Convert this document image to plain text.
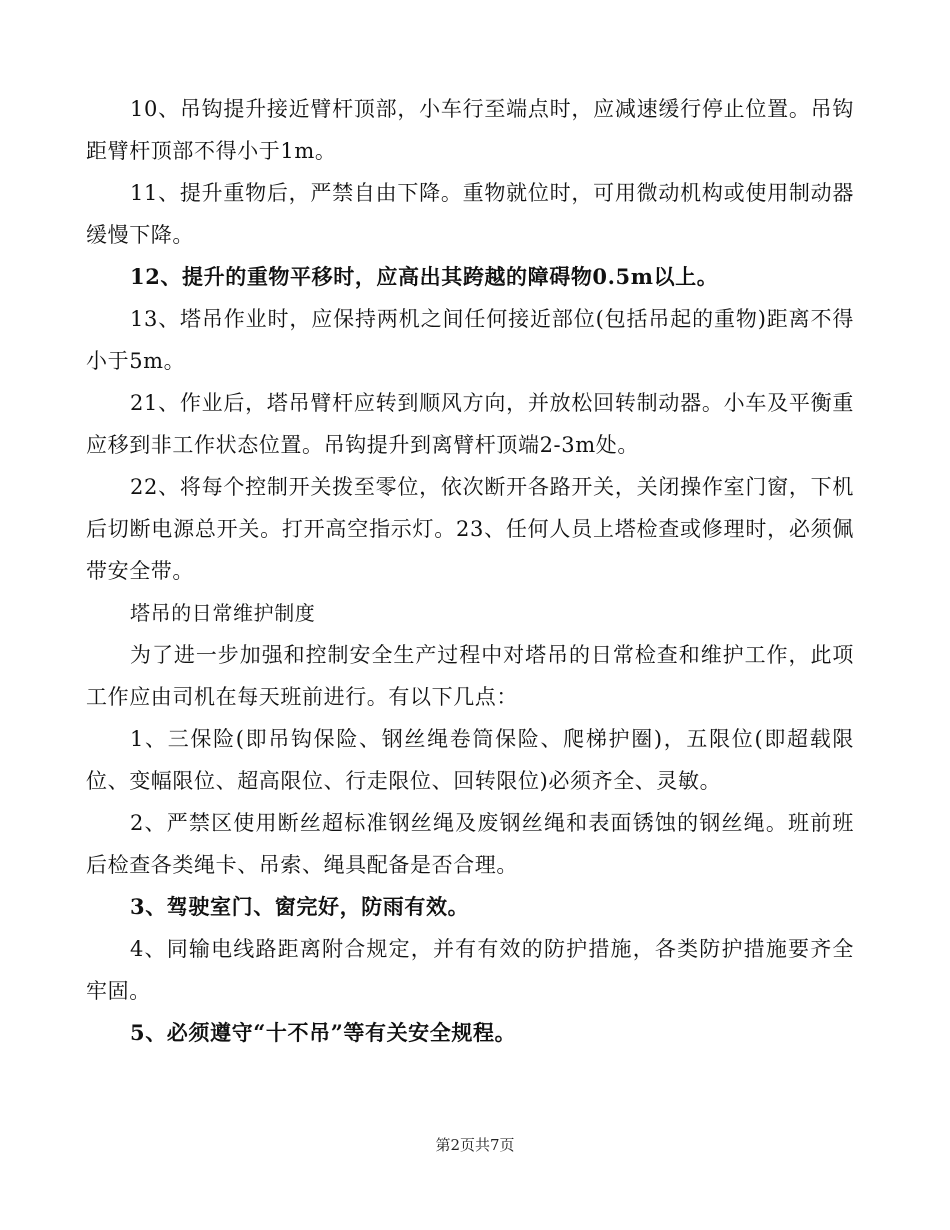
10、吊钩提升接近臂杆顶部，小车行至端点时，应减速缓行停止位置。吊钩距臂杆顶部不得小于1m。

11、提升重物后，严禁自由下降。重物就位时，可用微动机构或使用制动器缓慢下降。

12、提升的重物平移时，应高出其跨越的障碍物0.5m以上。

13、塔吊作业时，应保持两机之间任何接近部位(包括吊起的重物)距离不得小于5m。

21、作业后，塔吊臂杆应转到顺风方向，并放松回转制动器。小车及平衡重应移到非工作状态位置。吊钩提升到离臂杆顶端2-3m处。

22、将每个控制开关拨至零位，依次断开各路开关，关闭操作室门窗，下机后切断电源总开关。打开高空指示灯。23、任何人员上塔检查或修理时，必须佩带安全带。

塔吊的日常维护制度

为了进一步加强和控制安全生产过程中对塔吊的日常检查和维护工作，此项工作应由司机在每天班前进行。有以下几点：

1、三保险(即吊钩保险、钢丝绳卷筒保险、爬梯护圈)，五限位(即超载限位、变幅限位、超高限位、行走限位、回转限位)必须齐全、灵敏。

2、严禁区使用断丝超标准钢丝绳及废钢丝绳和表面锈蚀的钢丝绳。班前班后检查各类绳卡、吊索、绳具配备是否合理。

3、驾驶室门、窗完好，防雨有效。

4、同输电线路距离附合规定，并有有效的防护措施，各类防护措施要齐全牢固。

5、必须遵守“十不吊”等有关安全规程。

第2页共7页
